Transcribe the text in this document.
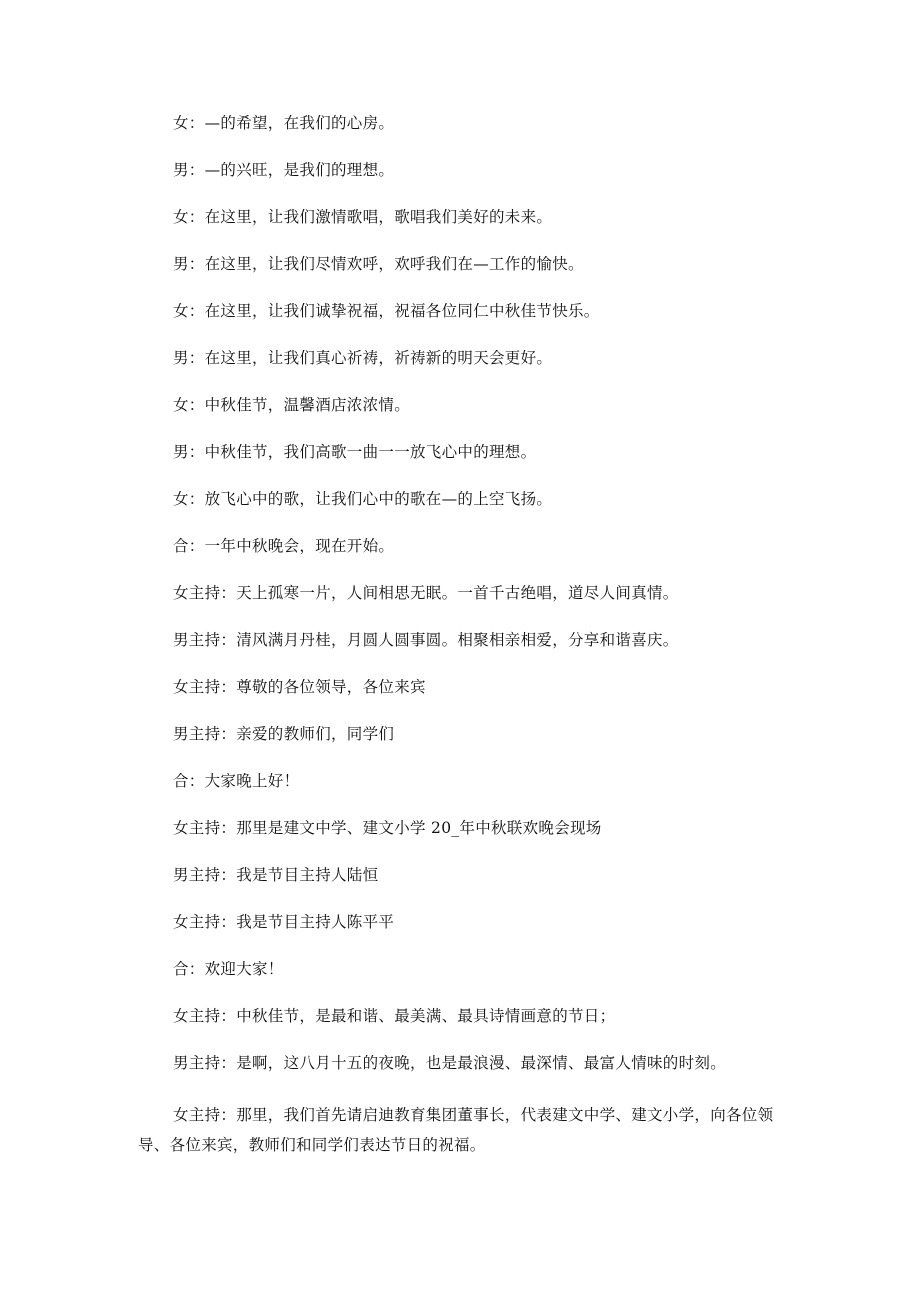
女：—的希望，在我们的心房。

男：—的兴旺，是我们的理想。

女：在这里，让我们激情歌唱，歌唱我们美好的未来。

男：在这里，让我们尽情欢呼，欢呼我们在—工作的愉快。

女：在这里，让我们诚挚祝福，祝福各位同仁中秋佳节快乐。

男：在这里，让我们真心祈祷，祈祷新的明天会更好。

女：中秋佳节，温馨酒店浓浓情。

男：中秋佳节，我们高歌一曲一一放飞心中的理想。

女：放飞心中的歌，让我们心中的歌在—的上空飞扬。

合：一年中秋晚会，现在开始。

女主持：天上孤寒一片，人间相思无眠。一首千古绝唱，道尽人间真情。

男主持：清风满月丹桂，月圆人圆事圆。相聚相亲相爱，分享和谐喜庆。

女主持：尊敬的各位领导，各位来宾

男主持：亲爱的教师们，同学们

合：大家晚上好！

女主持：那里是建文中学、建文小学 20_年中秋联欢晚会现场

男主持：我是节目主持人陆恒

女主持：我是节目主持人陈平平

合：欢迎大家！

女主持：中秋佳节，是最和谐、最美满、最具诗情画意的节日；

男主持：是啊，这八月十五的夜晚，也是最浪漫、最深情、最富人情味的时刻。

女主持：那里，我们首先请启迪教育集团董事长，代表建文中学、建文小学，向各位领导、各位来宾，教师们和同学们表达节日的祝福。
